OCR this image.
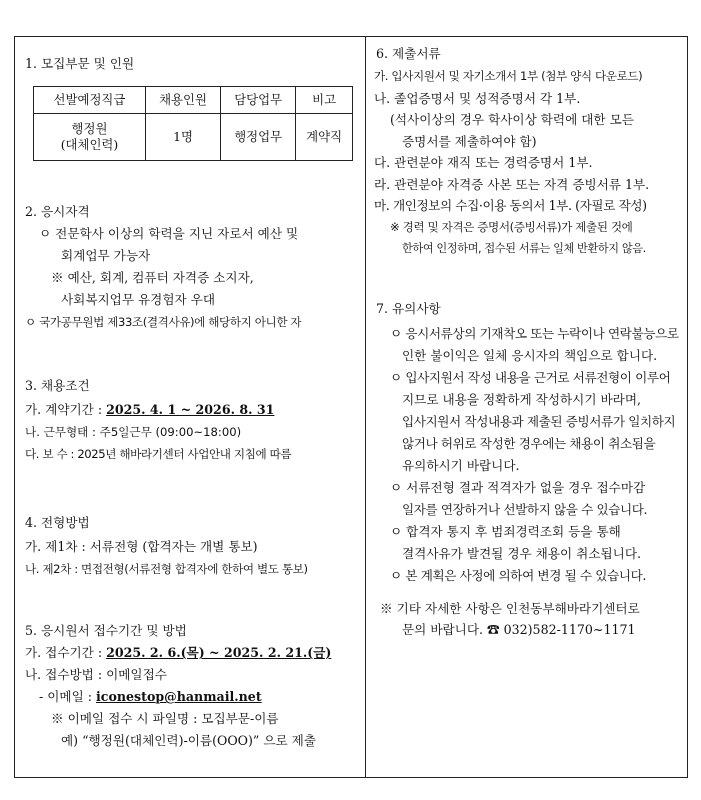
1. 모집부문 및 인원
선발예정직급	채용인원	담당업무	비고

행정원
(대체인력)	1명	행정업무	계약직
2. 응시자격
ㅇ 전문학사 이상의 학력을 지닌 자로서 예산 및
회계업무 가능자
※ 예산, 회계, 컴퓨터 자격증 소지자,
사회복지업무 유경험자 우대
ㅇ 국가공무원법 제33조(결격사유)에 해당하지 아니한 자
3. 채용조건
가. 계약기간 : 2025. 4. 1 ~ 2026. 8. 31
나. 근무형태 : 주5일근무 (09:00~18:00)
다. 보 수 : 2025년 해바라기센터 사업안내 지침에 따름
4. 전형방법
가. 제1차 : 서류전형 (합격자는 개별 통보)
나. 제2차 : 면접전형(서류전형 합격자에 한하여 별도 통보)
5. 응시원서 접수기간 및 방법
가. 접수기간 : 2025. 2. 6.(목) ~ 2025. 2. 21.(금)
나. 접수방법 : 이메일접수
- 이메일 : iconestop@hanmail.net
※ 이메일 접수 시 파일명 : 모집부문-이름
예) “행정원(대체인력)-이름(OOO)” 으로 제출
6. 제출서류
가. 입사지원서 및 자기소개서 1부 (첨부 양식 다운로드)
나. 졸업증명서 및 성적증명서 각 1부.
(석사이상의 경우 학사이상 학력에 대한 모든
증명서를 제출하여야 함)
다. 관련분야 재직 또는 경력증명서 1부.
라. 관련분야 자격증 사본 또는 자격 증빙서류 1부.
마. 개인정보의 수집·이용 동의서 1부. (자필로 작성)
※ 경력 및 자격은 증명서(증빙서류)가 제출된 것에
한하여 인정하며, 접수된 서류는 일체 반환하지 않음.
7. 유의사항
ㅇ 응시서류상의 기재착오 또는 누락이나 연락불능으로
인한 불이익은 일체 응시자의 책임으로 합니다.
ㅇ 입사지원서 작성 내용을 근거로 서류전형이 이루어
지므로 내용을 정확하게 작성하시기 바라며,
입사지원서 작성내용과 제출된 증빙서류가 일치하지
않거나 허위로 작성한 경우에는 채용이 취소됨을
유의하시기 바랍니다.
ㅇ 서류전형 결과 적격자가 없을 경우 접수마감
일자를 연장하거나 선발하지 않을 수 있습니다.
ㅇ 합격자 통지 후 범죄경력조회 등을 통해
결격사유가 발견될 경우 채용이 취소됩니다.
ㅇ 본 계획은 사정에 의하여 변경 될 수 있습니다.
※ 기타 자세한 사항은 인천동부해바라기센터로
문의 바랍니다. ☎ 032)582-1170~1171
